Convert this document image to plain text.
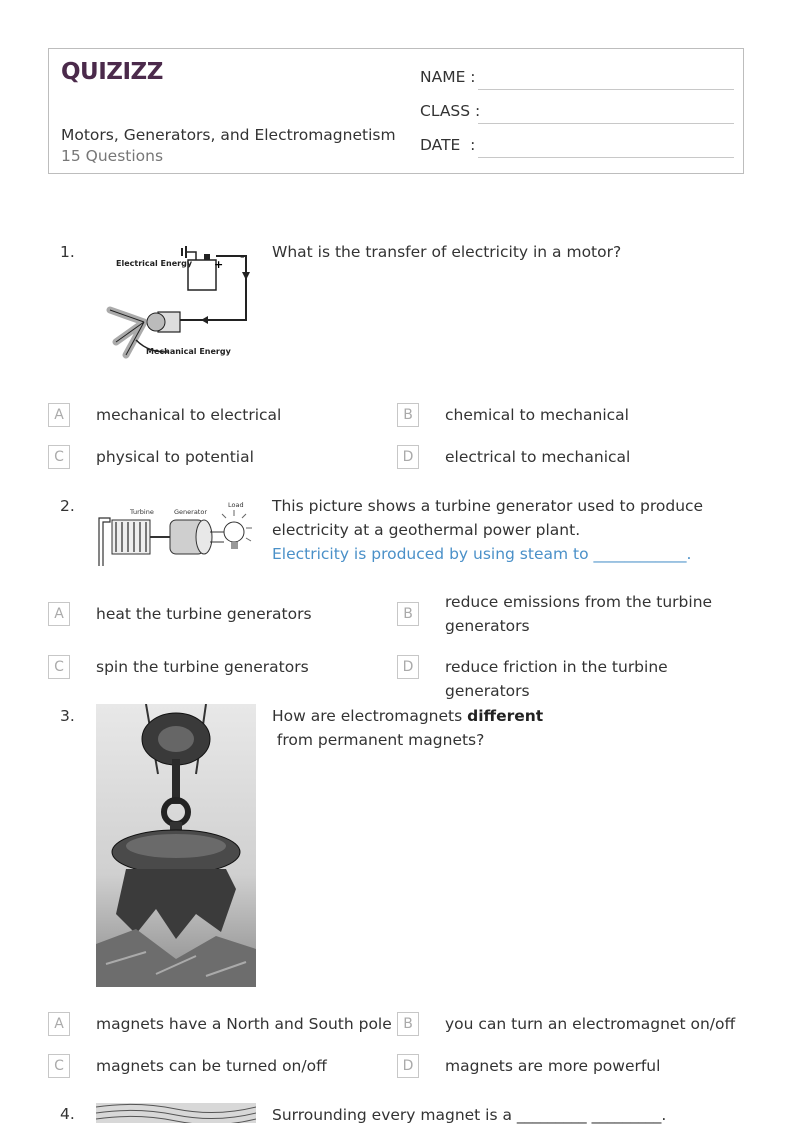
QUIZIZZ
Motors, Generators, and Electromagnetism
15 Questions
NAME :
CLASS :
DATE  :
1.
+
-
Electrical Energy
Mechanical Energy
What is the transfer of electricity in a motor?
A	mechanical to electrical	B	chemical to mechanical
C	physical to potential	D	electrical to mechanical
2.	Turbine	Generator
Load This picture shows a turbine generator used to produce electricity at a geothermal power plant.
Electricity is produced by using steam to ____________.
A	heat the turbine generators	B
reduce emissions from the turbine generators
C	spin the turbine generators	D	reduce friction in the turbine generators
3.	How are electromagnets different from permanent magnets?
A	magnets have a North and South pole B	you can turn an electromagnet on/off
C	magnets can be turned on/off	D	magnets are more powerful
4.	Surrounding every magnet is a _________ _________.
